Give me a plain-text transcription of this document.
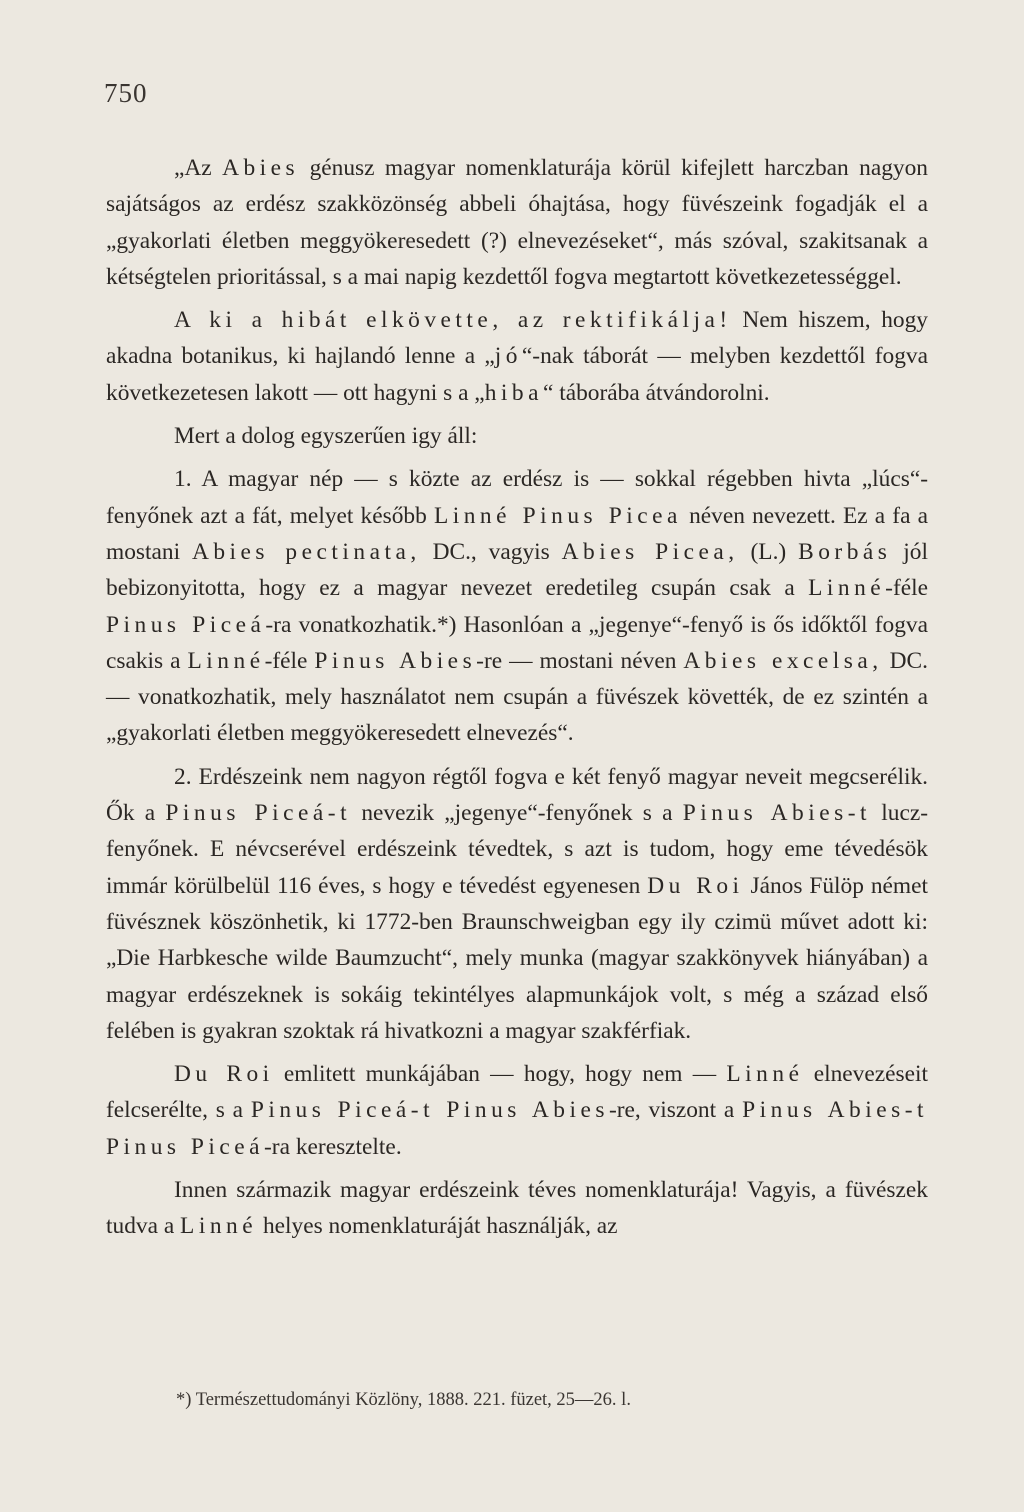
750

„Az Abies génusz magyar nomenklaturája körül kifejlett harczban nagyon sajátságos az erdész szakközönség abbeli óhajtása, hogy füvészeink fogadják el a „gyakorlati életben meggyökeresedett (?) elnevezéseket“, más szóval, szakitsanak a kétségtelen prioritással, s a mai napig kezdettől fogva megtartott következetességgel.

A ki a hibát elkövette, az rektifikálja! Nem hiszem, hogy akadna botanikus, ki hajlandó lenne a „jó“-nak táborát — melyben kezdettől fogva következetesen lakott — ott hagyni s a „hiba“ táborába átvándorolni.

Mert a dolog egyszerűen igy áll:

1. A magyar nép — s közte az erdész is — sokkal régebben hivta „lúcs“-fenyőnek azt a fát, melyet később Linné Pinus Picea néven nevezett. Ez a fa a mostani Abies pectinata, DC., vagyis Abies Picea, (L.) Borbás jól bebizonyitotta, hogy ez a magyar nevezet eredetileg csupán csak a Linné-féle Pinus Piceá-ra vonatkozhatik.*) Hasonlóan a „jegenye“-fenyő is ős időktől fogva csakis a Linné-féle Pinus Abies-re — mostani néven Abies excelsa, DC. — vonatkozhatik, mely használatot nem csupán a füvészek követték, de ez szintén a „gyakorlati életben meggyökeresedett elnevezés“.

2. Erdészeink nem nagyon régtől fogva e két fenyő magyar neveit megcserélik. Ők a Pinus Piceá-t nevezik „jegenye“-fenyőnek s a Pinus Abies-t lucz-fenyőnek. E névcserével erdészeink tévedtek, s azt is tudom, hogy eme tévedésök immár körülbelül 116 éves, s hogy e tévedést egyenesen Du Roi János Fülöp német füvésznek köszönhetik, ki 1772-ben Braunschweigban egy ily czimü művet adott ki: „Die Harbkesche wilde Baumzucht“, mely munka (magyar szakkönyvek hiányában) a magyar erdészeknek is sokáig tekintélyes alapmunkájok volt, s még a század első felében is gyakran szoktak rá hivatkozni a magyar szakférfiak.

Du Roi emlitett munkájában — hogy, hogy nem — Linné elnevezéseit felcserélte, s a Pinus Piceá-t Pinus Abies-re, viszont a Pinus Abies-t Pinus Piceá-ra keresztelte.

Innen származik magyar erdészeink téves nomenklaturája! Vagyis, a füvészek tudva a Linné helyes nomenklaturáját használják, az

*) Természettudományi Közlöny, 1888. 221. füzet, 25—26. l.
